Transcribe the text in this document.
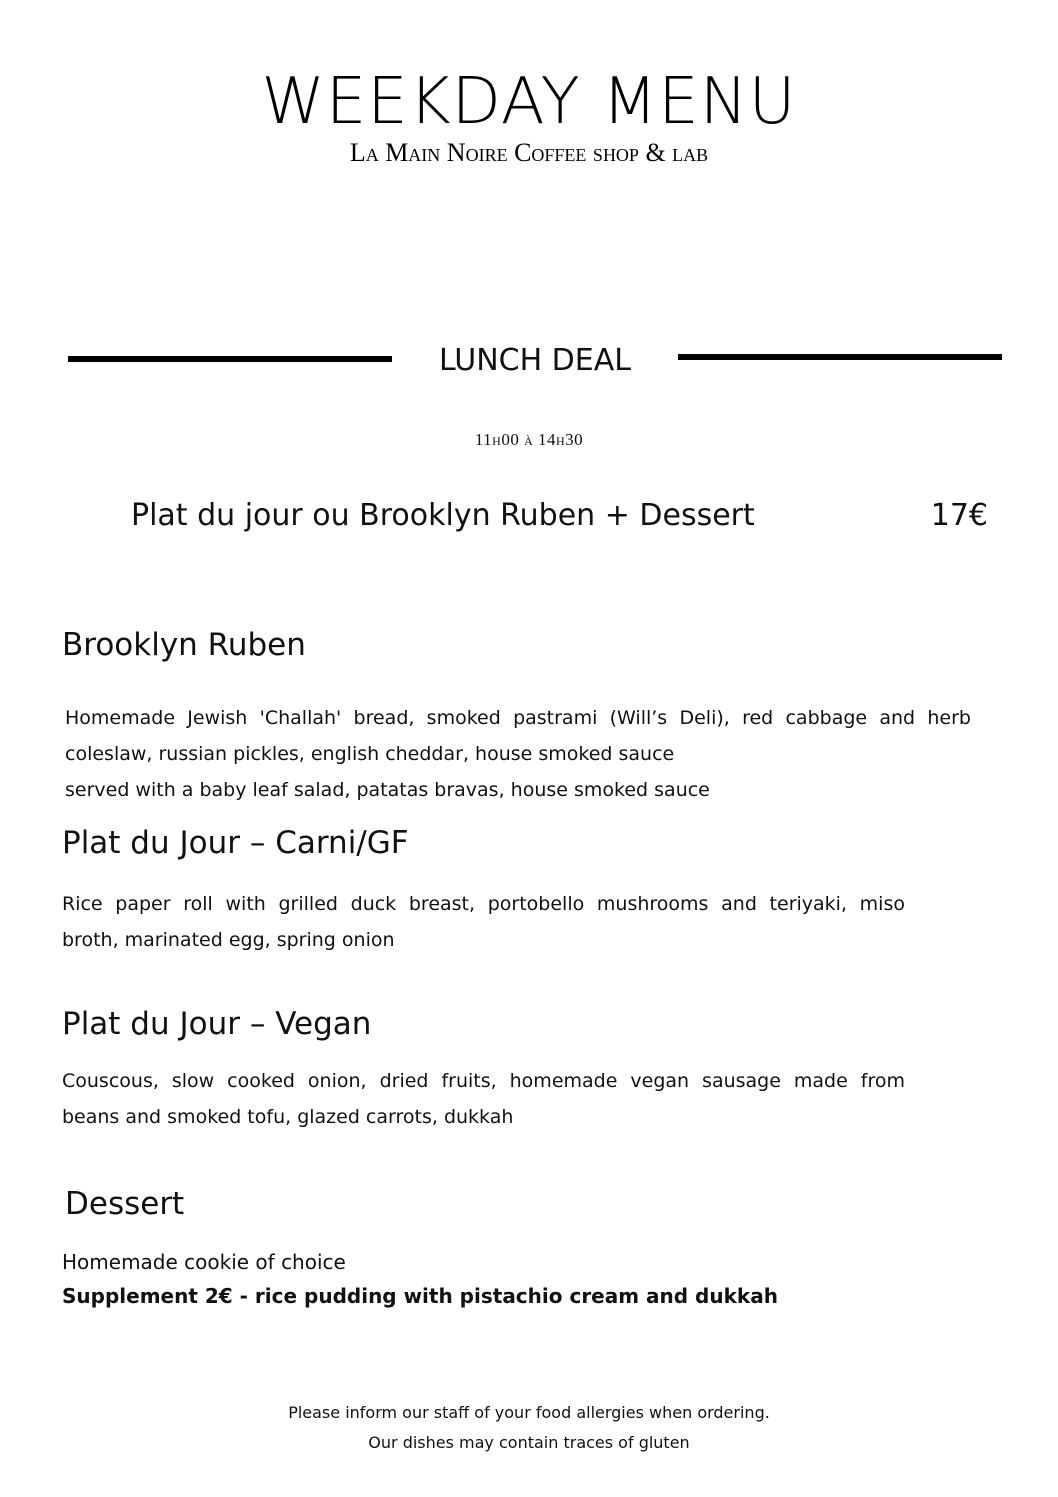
WEEKDAY MENU
La Main Noire Coffee shop & lab
LUNCH DEAL
11h00 à 14h30
Plat du jour ou Brooklyn Ruben + Dessert	17€
Brooklyn Ruben
Homemade Jewish 'Challah' bread, smoked pastrami (Will’s Deli), red cabbage and herb
coleslaw, russian pickles, english cheddar, house smoked sauce
served with a baby leaf salad, patatas bravas, house smoked sauce
Plat du Jour – Carni/GF
Rice paper roll with grilled duck breast, portobello mushrooms and teriyaki, miso
broth, marinated egg, spring onion
Plat du Jour – Vegan
Couscous, slow cooked onion, dried fruits, homemade vegan sausage made from
beans and smoked tofu, glazed carrots, dukkah
Dessert
Homemade cookie of choice
Supplement 2€ - rice pudding with pistachio cream and dukkah
Please inform our staff of your food allergies when ordering.
Our dishes may contain traces of gluten
